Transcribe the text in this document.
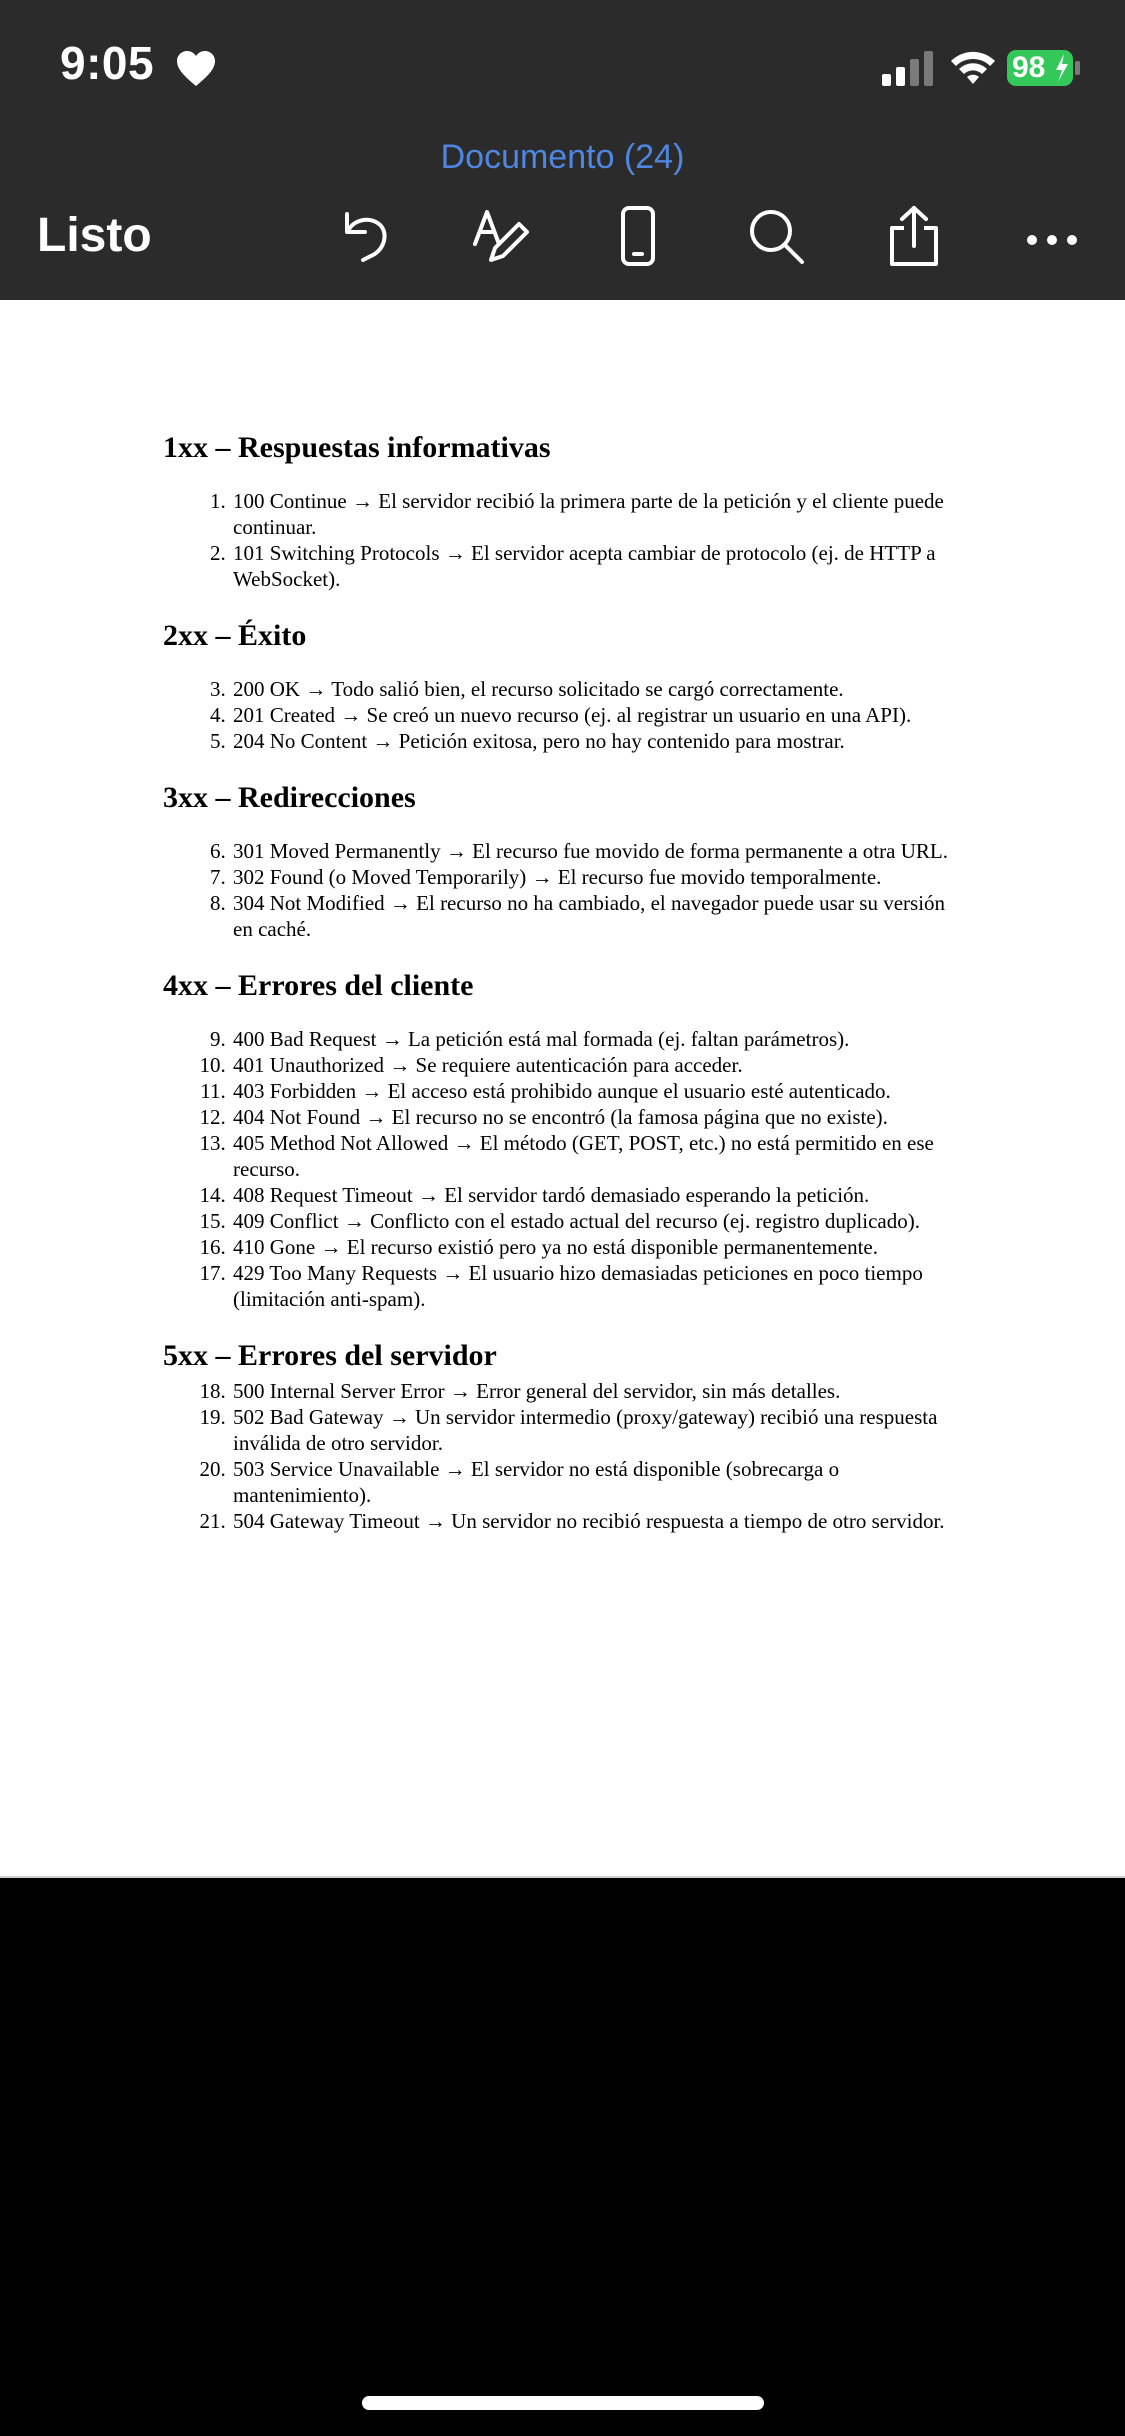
9:05	98
Documento (24)
Listo
1xx – Respuestas informativas
1. 100 Continue → El servidor recibió la primera parte de la petición y el cliente puede continuar.
2. 101 Switching Protocols → El servidor acepta cambiar de protocolo (ej. de HTTP a WebSocket).
2xx – Éxito
3. 200 OK → Todo salió bien, el recurso solicitado se cargó correctamente.
4. 201 Created → Se creó un nuevo recurso (ej. al registrar un usuario en una API).
5. 204 No Content → Petición exitosa, pero no hay contenido para mostrar.
3xx – Redirecciones
6. 301 Moved Permanently → El recurso fue movido de forma permanente a otra URL.
7. 302 Found (o Moved Temporarily) → El recurso fue movido temporalmente.
8. 304 Not Modified → El recurso no ha cambiado, el navegador puede usar su versión en caché.
4xx – Errores del cliente
9. 400 Bad Request → La petición está mal formada (ej. faltan parámetros).
10. 401 Unauthorized → Se requiere autenticación para acceder.
11. 403 Forbidden → El acceso está prohibido aunque el usuario esté autenticado.
12. 404 Not Found → El recurso no se encontró (la famosa página que no existe).
13. 405 Method Not Allowed → El método (GET, POST, etc.) no está permitido en ese recurso.
14. 408 Request Timeout → El servidor tardó demasiado esperando la petición.
15. 409 Conflict → Conflicto con el estado actual del recurso (ej. registro duplicado).
16. 410 Gone → El recurso existió pero ya no está disponible permanentemente.
17. 429 Too Many Requests → El usuario hizo demasiadas peticiones en poco tiempo (limitación anti-spam).
5xx – Errores del servidor
18. 500 Internal Server Error → Error general del servidor, sin más detalles.
19. 502 Bad Gateway → Un servidor intermedio (proxy/gateway) recibió una respuesta inválida de otro servidor.
20. 503 Service Unavailable → El servidor no está disponible (sobrecarga o mantenimiento).
21. 504 Gateway Timeout → Un servidor no recibió respuesta a tiempo de otro servidor.
